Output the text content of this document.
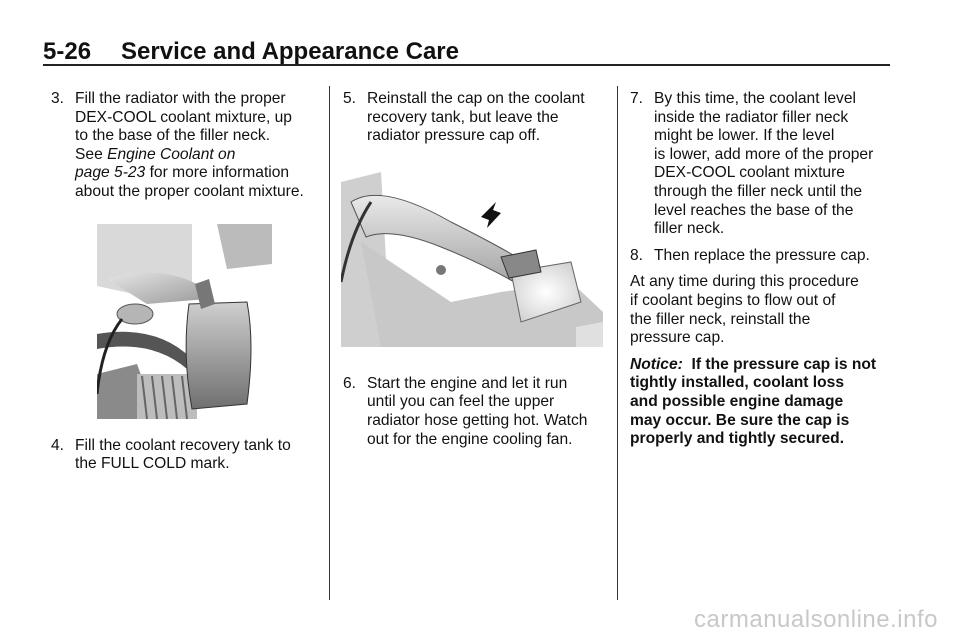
5-26 Service and Appearance Care
3. Fill the radiator with the proper
DEX-COOL coolant mixture, up
to the base of the filler neck.
See Engine Coolant on
page 5-23 for more information
about the proper coolant mixture.
4. Fill the coolant recovery tank to
the FULL COLD mark.
5. Reinstall the cap on the coolant
recovery tank, but leave the
radiator pressure cap off.
6. Start the engine and let it run
until you can feel the upper
radiator hose getting hot. Watch
out for the engine cooling fan.
7. By this time, the coolant level
inside the radiator filler neck
might be lower. If the level
is lower, add more of the proper
DEX-COOL coolant mixture
through the filler neck until the
level reaches the base of the
filler neck.
8. Then replace the pressure cap.
At any time during this procedure
if coolant begins to flow out of
the filler neck, reinstall the
pressure cap.
Notice: If the pressure cap is not
tightly installed, coolant loss
and possible engine damage
may occur. Be sure the cap is
properly and tightly secured.
carmanualsonline.info
